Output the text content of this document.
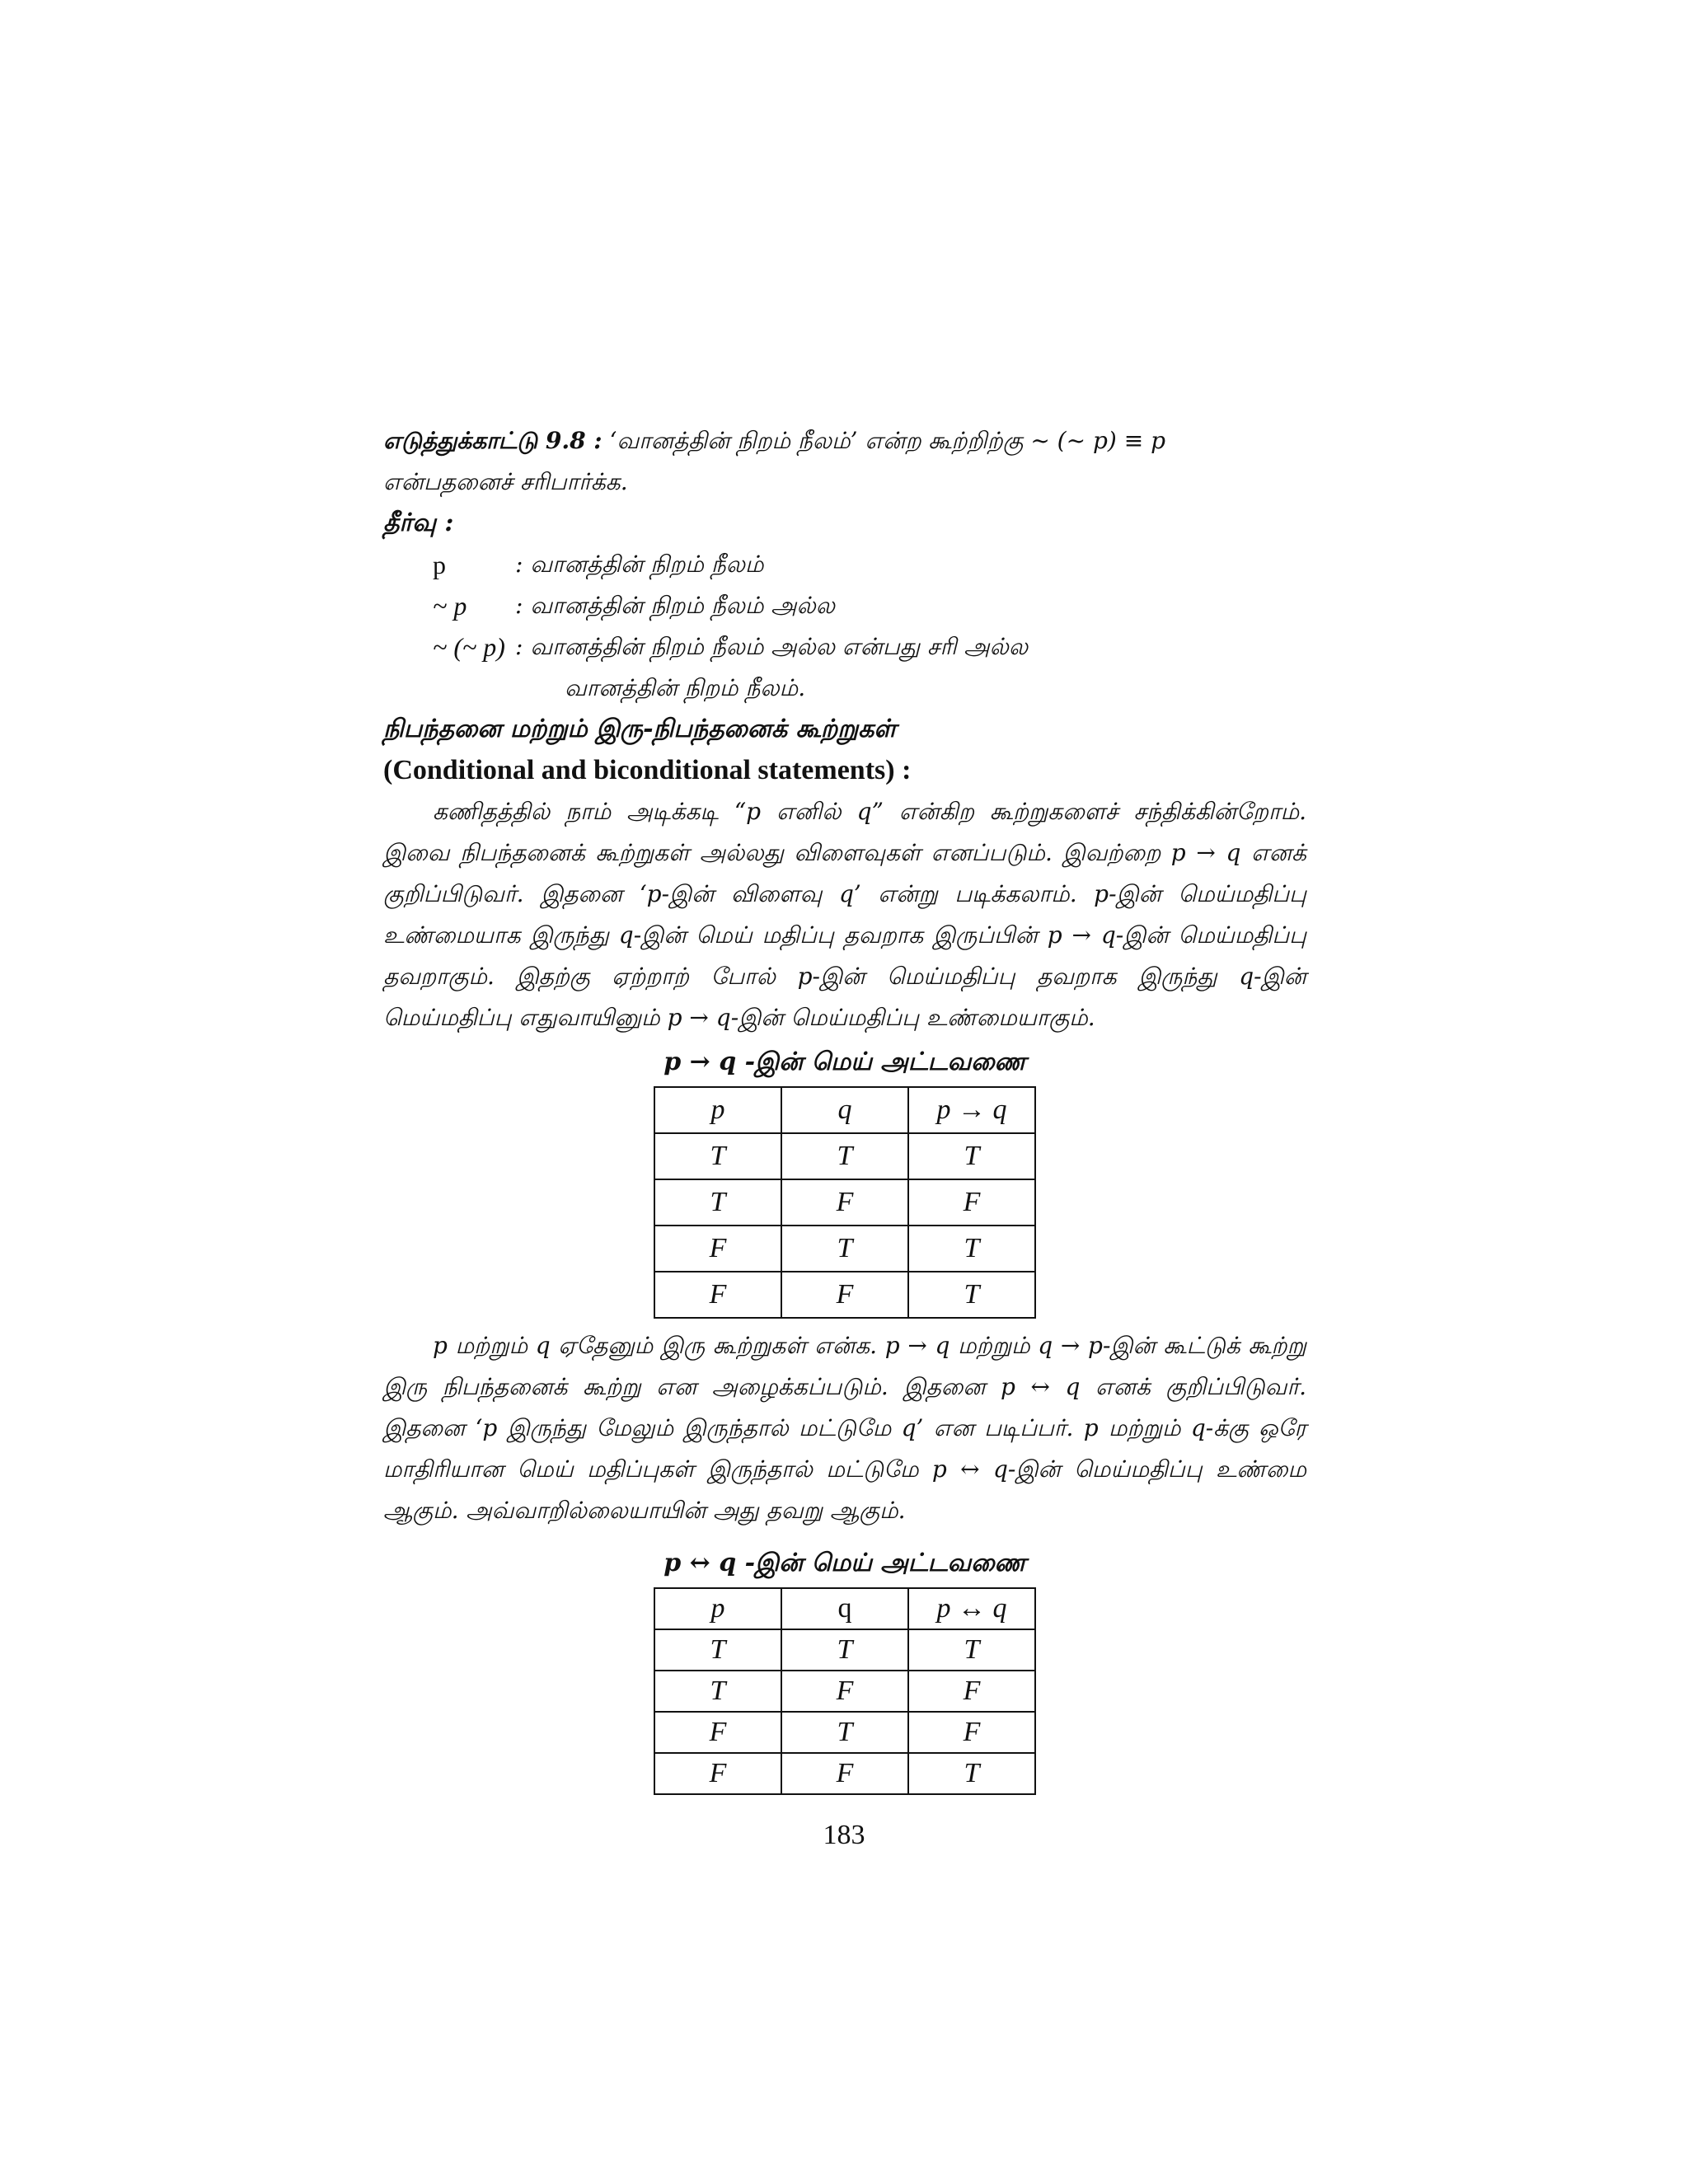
எடுத்துக்காட்டு 9.8 : ‘வானத்தின் நிறம் நீலம்’ என்ற கூற்றிற்கு ~ (~ p) ≡ p
என்பதனைச் சரிபார்க்க.
தீர்வு :
p	: வானத்தின் நிறம் நீலம்
~ p	: வானத்தின் நிறம் நீலம் அல்ல
~ (~ p) : வானத்தின் நிறம் நீலம் அல்ல என்பது சரி அல்ல
வானத்தின் நிறம் நீலம்.
நிபந்தனை மற்றும் இரு-நிபந்தனைக் கூற்றுகள்
(Conditional and biconditional statements) :
கணிதத்தில் நாம் அடிக்கடி “p எனில் q” என்கிற கூற்றுகளைச் சந்திக்கின்றோம். இவை நிபந்தனைக் கூற்றுகள் அல்லது விளைவுகள் எனப்படும். இவற்றை p → q எனக் குறிப்பிடுவர். இதனை ‘p-இன் விளைவு q’ என்று படிக்கலாம். p-இன் மெய்மதிப்பு உண்மையாக இருந்து q-இன் மெய் மதிப்பு தவறாக இருப்பின் p → q-இன் மெய்மதிப்பு தவறாகும். இதற்கு ஏற்றாற் போல் p-இன் மெய்மதிப்பு தவறாக இருந்து q-இன் மெய்மதிப்பு எதுவாயினும் p → q-இன் மெய்மதிப்பு உண்மையாகும்.
p → q -இன் மெய் அட்டவணை
p	q	p → q
T	T	T
T	F	F
F	T	T
F	F	T
p மற்றும் q ஏதேனும் இரு கூற்றுகள் என்க. p → q மற்றும் q → p-இன் கூட்டுக் கூற்று இரு நிபந்தனைக் கூற்று என அழைக்கப்படும். இதனை p ↔ q எனக் குறிப்பிடுவர். இதனை ‘p இருந்து மேலும் இருந்தால் மட்டுமே q’ என படிப்பர். p மற்றும் q-க்கு ஒரே மாதிரியான மெய் மதிப்புகள் இருந்தால் மட்டுமே p ↔ q-இன் மெய்மதிப்பு உண்மை ஆகும். அவ்வாறில்லையாயின் அது தவறு ஆகும்.
p ↔ q -இன் மெய் அட்டவணை
p	q	p ↔ q
T	T	T
T	F	F
F	T	F
F	F	T
183
